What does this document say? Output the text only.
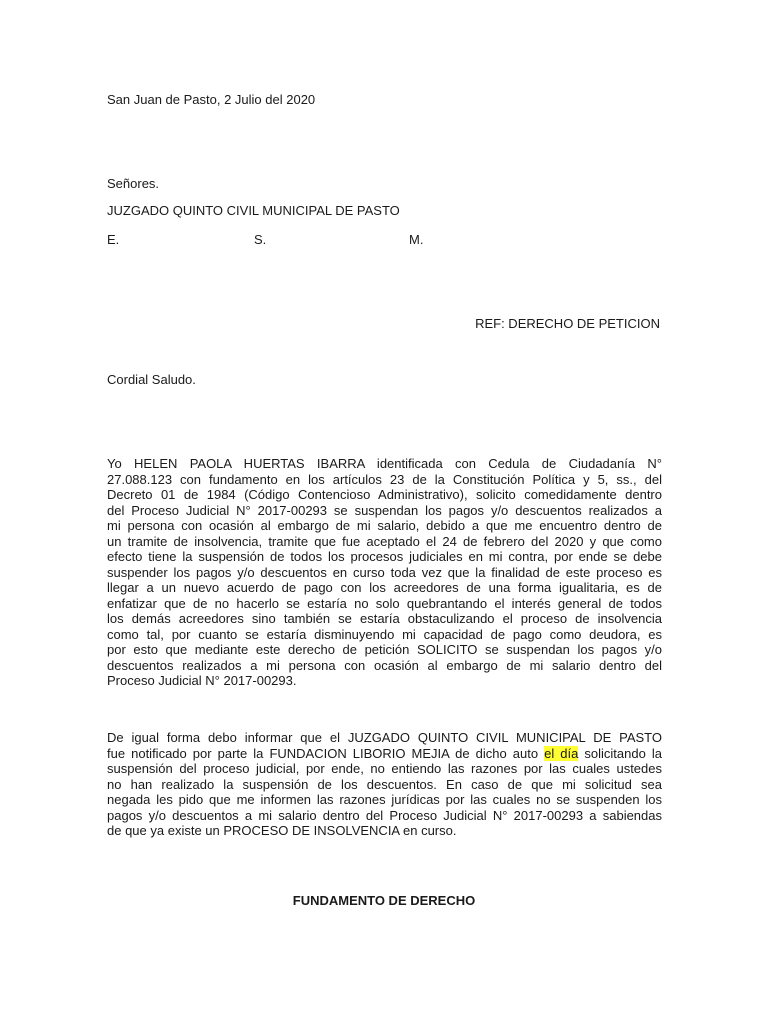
San Juan de Pasto, 2 Julio del 2020
Señores.
JUZGADO QUINTO CIVIL MUNICIPAL DE PASTO
E.	S.	M.
REF: DERECHO DE PETICION
Cordial Saludo.
Yo HELEN PAOLA HUERTAS IBARRA identificada con Cedula de Ciudadanía N°
27.088.123 con fundamento en los artículos 23 de la Constitución Política y 5, ss., del
Decreto 01 de 1984 (Código Contencioso Administrativo), solicito comedidamente dentro
del Proceso Judicial N° 2017-00293 se suspendan los pagos y/o descuentos realizados a
mi persona con ocasión al embargo de mi salario, debido a que me encuentro dentro de
un tramite de insolvencia, tramite que fue aceptado el 24 de febrero del 2020 y que como
efecto tiene la suspensión de todos los procesos judiciales en mi contra, por ende se debe
suspender los pagos y/o descuentos en curso toda vez que la finalidad de este proceso es
llegar a un nuevo acuerdo de pago con los acreedores de una forma igualitaria, es de
enfatizar que de no hacerlo se estaría no solo quebrantando el interés general de todos
los demás acreedores sino también se estaría obstaculizando el proceso de insolvencia
como tal, por cuanto se estaría disminuyendo mi capacidad de pago como deudora, es
por esto que mediante este derecho de petición SOLICITO se suspendan los pagos y/o
descuentos realizados a mi persona con ocasión al embargo de mi salario dentro del
Proceso Judicial N° 2017-00293.
De igual forma debo informar que el JUZGADO QUINTO CIVIL MUNICIPAL DE PASTO
fue notificado por parte la FUNDACION LIBORIO MEJIA de dicho auto el día solicitando la
suspensión del proceso judicial, por ende, no entiendo las razones por las cuales ustedes
no han realizado la suspensión de los descuentos. En caso de que mi solicitud sea
negada les pido que me informen las razones jurídicas por las cuales no se suspenden los
pagos y/o descuentos a mi salario dentro del Proceso Judicial N° 2017-00293 a sabiendas
de que ya existe un PROCESO DE INSOLVENCIA en curso.
FUNDAMENTO DE DERECHO
